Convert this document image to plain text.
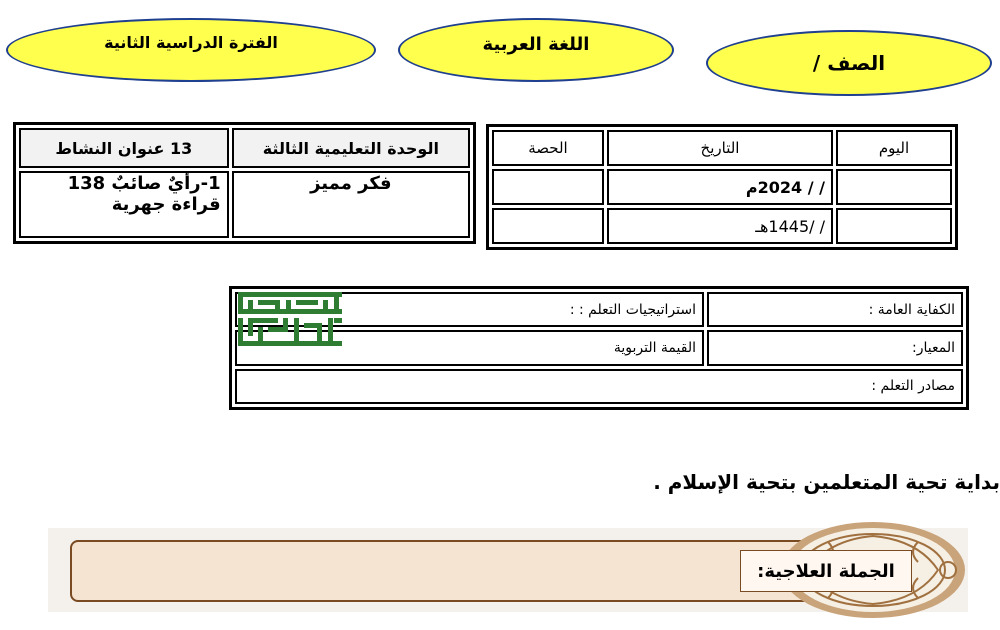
الفترة الدراسية الثانية	اللغة العربية
الصف /
الوحدة التعليمية الثالثة	13 عنوان النشاط
فكر مميز	1-رأيٌ صائبٌ 138
قراءة جهرية
اليوم	التاريخ	الحصة
	/ / 2024م	
	/ /1445هـ	
الكفاية العامة :	استراتيجيات التعلم : :
المعيار:	القيمة التربوية
مصادر التعلم :	
بداية تحية المتعلمين بتحية الإسلام .
الجملة العلاجية:
